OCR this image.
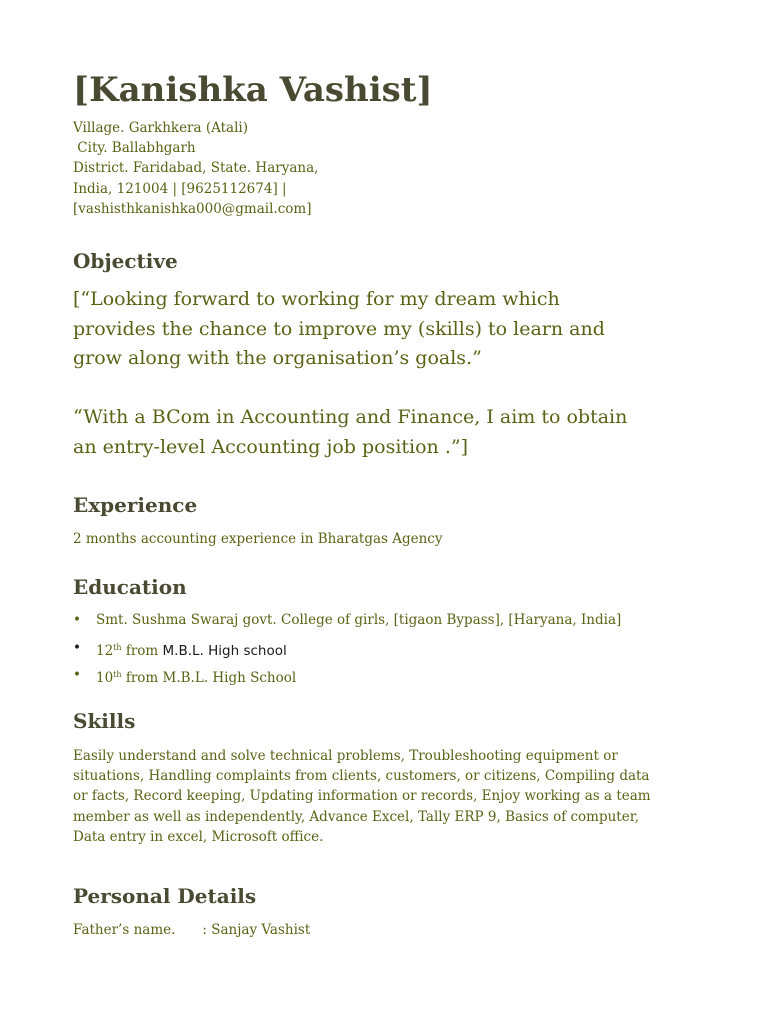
[Kanishka Vashist]
Village. Garkhkera (Atali)
City. Ballabhgarh
District. Faridabad, State. Haryana,
India, 121004 | [9625112674] |
[vashisthkanishka000@gmail.com]
Objective

[“Looking forward to working for my dream which
provides the chance to improve my (skills) to learn and
grow along with the organisation’s goals.”

“With a BCom in Accounting and Finance, I aim to obtain
an entry-level Accounting job position .”]

Experience
2 months accounting experience in Bharatgas Agency
Education
• Smt. Sushma Swaraj govt. College of girls, [tigaon Bypass], [Haryana, India]
• 12th from M.B.L. High school
• 10th from M.B.L. High School
Skills
Easily understand and solve technical problems, Troubleshooting equipment or
situations, Handling complaints from clients, customers, or citizens, Compiling data
or facts, Record keeping, Updating information or records, Enjoy working as a team
member as well as independently, Advance Excel, Tally ERP 9, Basics of computer,
Data entry in excel, Microsoft office.
Personal Details
Father’s name. : Sanjay Vashist
